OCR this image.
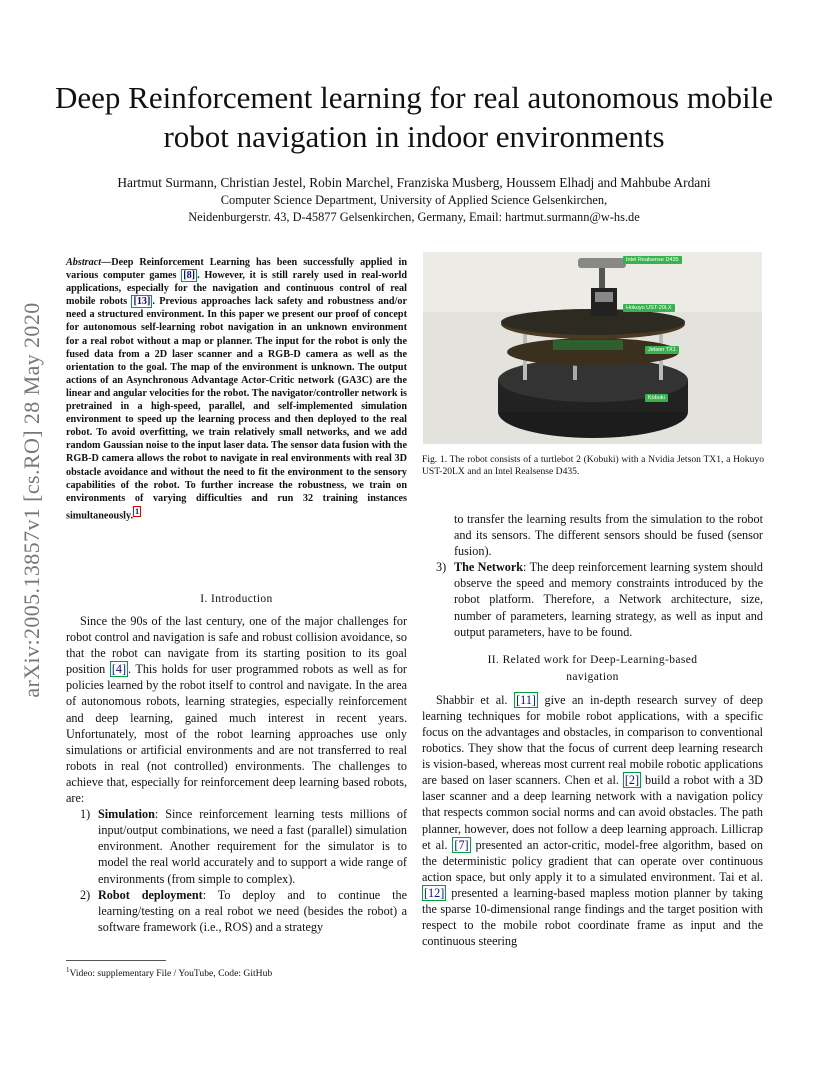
Deep Reinforcement learning for real autonomous mobile robot navigation in indoor environments
Hartmut Surmann, Christian Jestel, Robin Marchel, Franziska Musberg, Houssem Elhadj and Mahbube Ardani
Computer Science Department, University of Applied Science Gelsenkirchen,
Neidenburgerstr. 43, D-45877 Gelsenkirchen, Germany, Email: hartmut.surmann@w-hs.de
arXiv:2005.13857v1 [cs.RO] 28 May 2020
Abstract—Deep Reinforcement Learning has been successfully applied in various computer games [8] . However, it is still rarely used in real-world applications, especially for the navigation and continuous control of real mobile robots [13] . Previous approaches lack safety and robustness and/or need a structured environment. In this paper we present our proof of concept for autonomous self-learning robot navigation in an unknown environment for a real robot without a map or planner. The input for the robot is only the fused data from a 2D laser scanner and a RGB-D camera as well as the orientation to the goal. The map of the environment is unknown. The output actions of an Asynchronous Advantage Actor-Critic network (GA3C) are the linear and angular velocities for the robot. The navigator/controller network is pretrained in a high-speed, parallel, and self-implemented simulation environment to speed up the learning process and then deployed to the real robot. To avoid overfitting, we train relatively small networks, and we add random Gaussian noise to the input laser data. The sensor data fusion with the RGB-D camera allows the robot to navigate in real environments with real 3D obstacle avoidance and without the need to fit the environment to the sensory capabilities of the robot. To further increase the robustness, we train on environments of varying difficulties and run 32 training instances simultaneously. $^1$
Intel Realsense D435
Hokuyo UST-20LX
Jetson TX1
Kobuki
Fig. 1. The robot consists of a turtlebot 2 (Kobuki) with a Nvidia Jetson TX1, a Hokuyo UST-20LX and an Intel Realsense D435.
I. Introduction

Since the 90s of the last century, one of the major challenges for robot control and navigation is safe and robust collision avoidance, so that the robot can navigate from its starting position to its goal position [4] . This holds for user programmed robots as well as for policies learned by the robot itself to control and navigate. In the area of autonomous robots, learning strategies, especially reinforcement and deep learning, gained much interest in recent years. Unfortunately, most of the robot learning approaches use only simulations or artificial environments and are not transferred to real robots in real (not controlled) environments. The challenges to achieve that, especially for reinforcement deep learning based robots, are:

1) Simulation: Since reinforcement learning tests millions of input/output combinations, we need a fast (parallel) simulation environment. Another requirement for the simulator is to model the real world accurately and to support a wide range of environments (from simple to complex).
2) Robot deployment: To deploy and to continue the learning/testing on a real robot we need (besides the robot) a software framework (i.e., ROS) and a strategy
$^1$Video: supplementary File / YouTube, Code: GitHub
to transfer the learning results from the simulation to the robot and its sensors. The different sensors should be fused (sensor fusion).
3) The Network: The deep reinforcement learning system should observe the speed and memory constraints introduced by the robot platform. Therefore, a Network architecture, size, number of parameters, learning strategy, as well as input and output parameters, have to be found.
II. Related work for Deep-Learning-based
navigation

Shabbir et al. [11] give an in-depth research survey of deep learning techniques for mobile robot applications, with a specific focus on the advantages and obstacles, in comparison to conventional robotics. They show that the focus of current deep learning research is vision-based, whereas most current real mobile robotic applications are based on laser scanners. Chen et al. [2] build a robot with a 3D laser scanner and a deep learning network with a navigation policy that respects common social norms and can avoid obstacles. The path planner, however, does not follow a deep learning approach. Lillicrap et al. [7] presented an actor-critic, model-free algorithm, based on the deterministic policy gradient that can operate over continuous action space, but only apply it to a simulated environment. Tai et al. [12] presented a learning-based mapless motion planner by taking the sparse 10-dimensional range findings and the target position with respect to the mobile robot coordinate frame as input and the continuous steering
